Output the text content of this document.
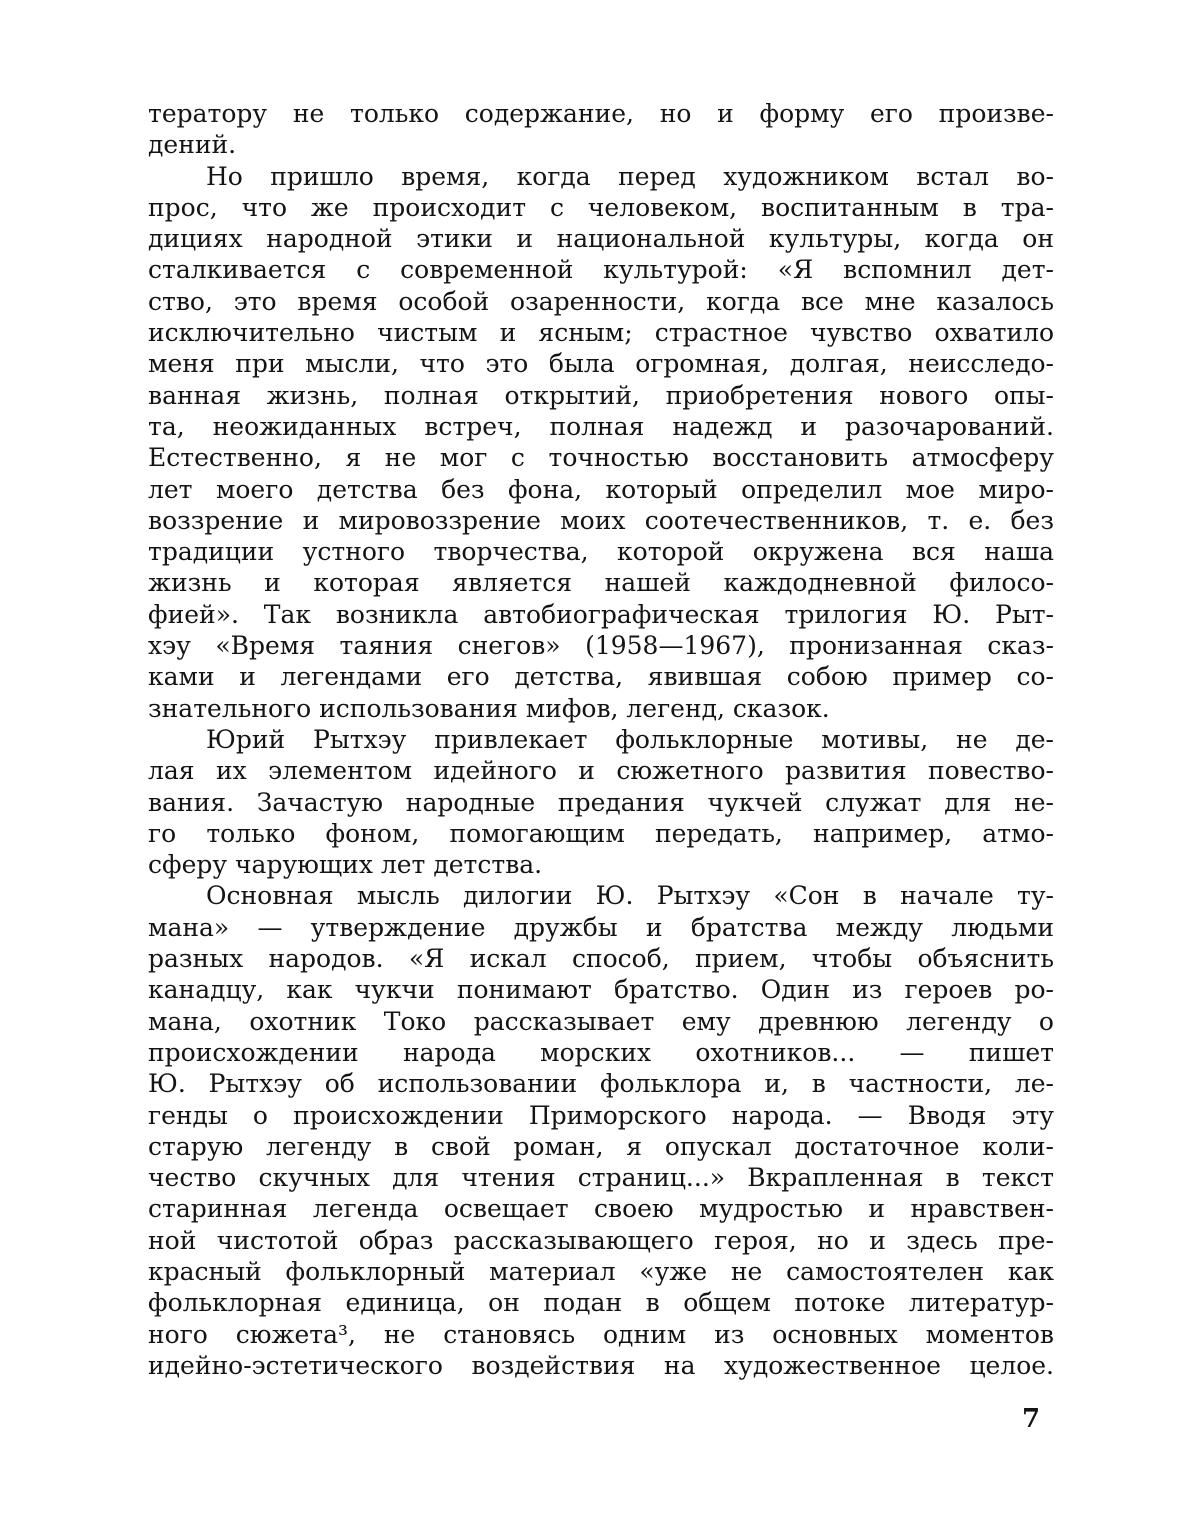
тератору не только содержание, но и форму его произве-
дений.
Но пришло время, когда перед художником встал во-
прос, что же происходит с человеком, воспитанным в тра-
дициях народной этики и национальной культуры, когда он
сталкивается с современной культурой: «Я вспомнил дет-
ство, это время особой озаренности, когда все мне казалось
исключительно чистым и ясным; страстное чувство охватило
меня при мысли, что это была огромная, долгая, неисследо-
ванная жизнь, полная открытий, приобретения нового опы-
та, неожиданных встреч, полная надежд и разочарований.
Естественно, я не мог с точностью восстановить атмосферу
лет моего детства без фона, который определил мое миро-
воззрение и мировоззрение моих соотечественников, т. е. без
традиции устного творчества, которой окружена вся наша
жизнь и которая является нашей каждодневной филосо-
фией». Так возникла автобиографическая трилогия Ю. Рыт-
хэу «Время таяния снегов» (1958—1967), пронизанная сказ-
ками и легендами его детства, явившая собою пример со-
знательного использования мифов, легенд, сказок.
Юрий Рытхэу привлекает фольклорные мотивы, не де-
лая их элементом идейного и сюжетного развития повество-
вания. Зачастую народные предания чукчей служат для не-
го только фоном, помогающим передать, например, атмо-
сферу чарующих лет детства.
Основная мысль дилогии Ю. Рытхэу «Сон в начале ту-
мана» — утверждение дружбы и братства между людьми
разных народов. «Я искал способ, прием, чтобы объяснить
канадцу, как чукчи понимают братство. Один из героев ро-
мана, охотник Токо рассказывает ему древнюю легенду о
происхождении народа морских охотников... — пишет
Ю. Рытхэу об использовании фольклора и, в частности, ле-
генды о происхождении Приморского народа. — Вводя эту
старую легенду в свой роман, я опускал достаточное коли-
чество скучных для чтения страниц...» Вкрапленная в текст
старинная легенда освещает своею мудростью и нравствен-
ной чистотой образ рассказывающего героя, но и здесь пре-
красный фольклорный материал «уже не самостоятелен как
фольклорная единица, он подан в общем потоке литератур-
ного сюжета³, не становясь одним из основных моментов
идейно-эстетического воздействия на художественное целое.
7
